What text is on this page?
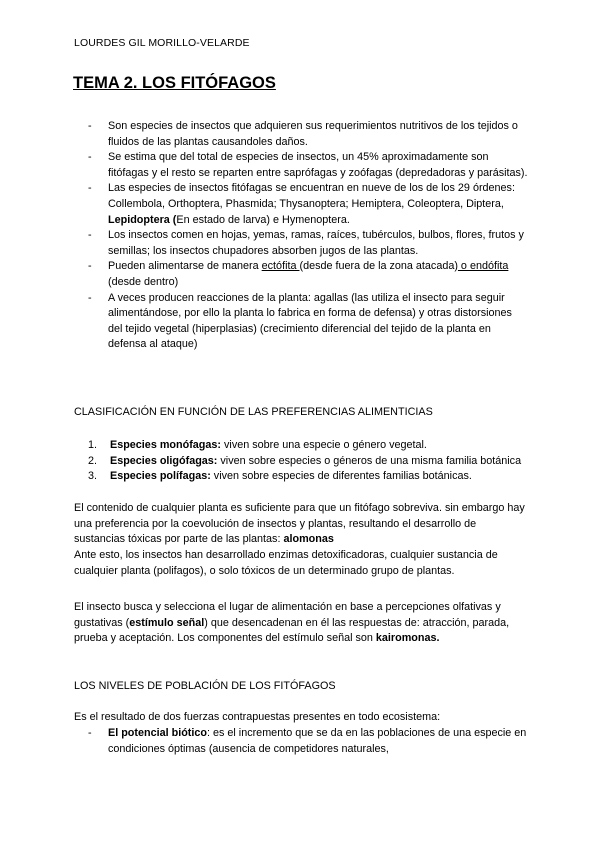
LOURDES GIL MORILLO-VELARDE
TEMA 2. LOS FITÓFAGOS
-	Son especies de insectos que adquieren sus requerimientos nutritivos de los tejidos o fluidos de las plantas causandoles daños.
-	Se estima que del total de especies de insectos, un 45% aproximadamente son fitófagas y el resto se reparten entre saprófagas y zoófagas (depredadoras y parásitas).
-	Las especies de insectos fitófagas se encuentran en nueve de los de los 29 órdenes: Collembola, Orthoptera, Phasmida; Thysanoptera; Hemiptera, Coleoptera, Diptera, Lepidoptera (En estado de larva) e Hymenoptera.
-	Los insectos comen en hojas, yemas, ramas, raíces, tubérculos, bulbos, flores, frutos y semillas; los insectos chupadores absorben jugos de las plantas.
-	Pueden alimentarse de manera ectófita (desde fuera de la zona atacada) o endófita (desde dentro)
-	A veces producen reacciones de la planta: agallas (las utiliza el insecto para seguir alimentándose, por ello la planta lo fabrica en forma de defensa) y otras distorsiones del tejido vegetal (hiperplasias) (crecimiento diferencial del tejido de la planta en defensa al ataque)
CLASIFICACIÓN EN FUNCIÓN DE LAS PREFERENCIAS ALIMENTICIAS
1.	Especies monófagas: viven sobre una especie o género vegetal.
2.	Especies oligófagas: viven sobre especies o géneros de una misma familia botánica
3.	Especies polífagas: viven sobre especies de diferentes familias botánicas.
El contenido de cualquier planta es suficiente para que un fitófago sobreviva. sin embargo hay una preferencia por la coevolución de insectos y plantas, resultando el desarrollo de sustancias tóxicas por parte de las plantas: alomonas
Ante esto, los insectos han desarrollado enzimas detoxificadoras, cualquier sustancia de cualquier planta (polifagos), o solo tóxicos de un determinado grupo de plantas.
El insecto busca y selecciona el lugar de alimentación en base a percepciones olfativas y gustativas (estímulo señal) que desencadenan en él las respuestas de: atracción, parada, prueba y aceptación. Los componentes del estímulo señal son kairomonas.
LOS NIVELES DE POBLACIÓN DE LOS FITÓFAGOS
Es el resultado de dos fuerzas contrapuestas presentes en todo ecosistema:
-	El potencial biótico: es el incremento que se da en las poblaciones de una especie en condiciones óptimas (ausencia de competidores naturales,
